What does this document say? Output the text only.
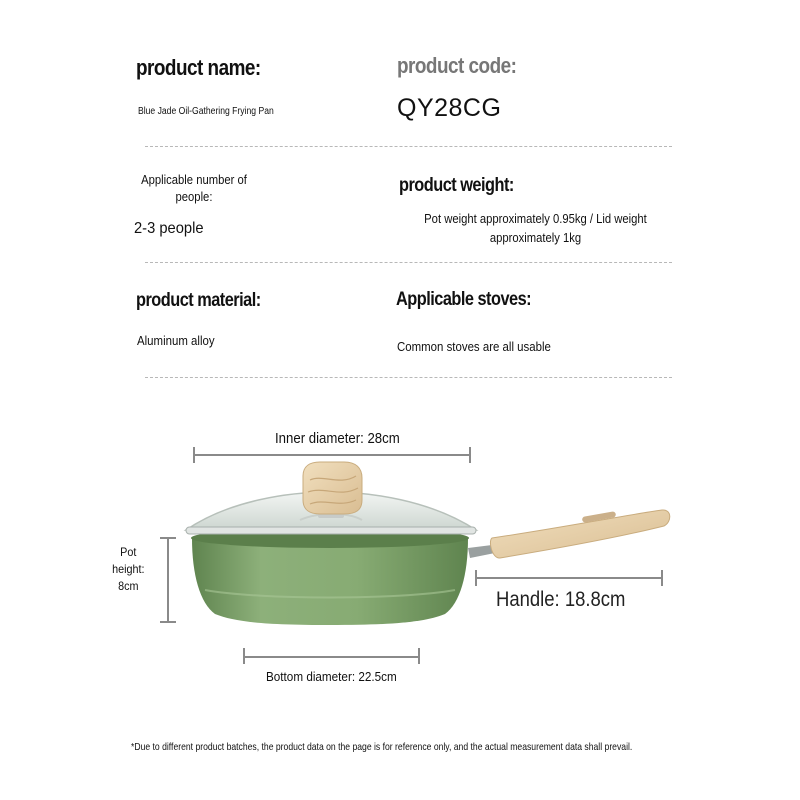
product name:	product code:
Blue Jade Oil-Gathering Frying Pan	QY28CG
Applicable number of people:
2-3 people
product weight:
Pot weight approximately 0.95kg / Lid weight approximately 1kg
product material:	Applicable stoves:
Aluminum alloy	Common stoves are all usable
Inner diameter: 28cm
Pot height: 8cm
Handle: 18.8cm
Bottom diameter: 22.5cm
*Due to different product batches, the product data on the page is for reference only, and the actual measurement data shall prevail.
